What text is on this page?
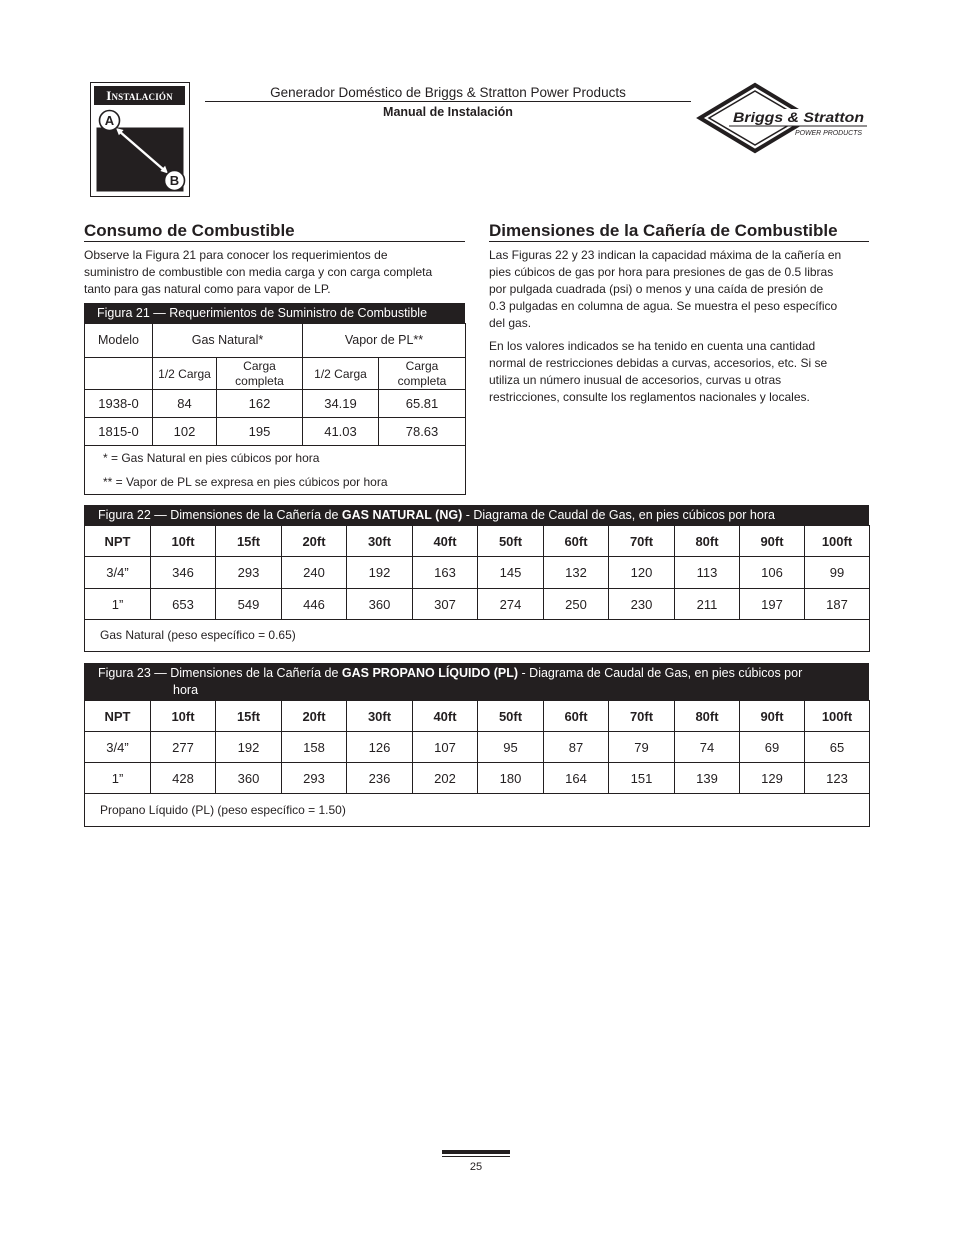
Instalación
A
B
Generador Doméstico de Briggs & Stratton Power Products
Manual de Instalación	Briggs & Stratton
POWER PRODUCTS
Consumo de Combustible
Observe la Figura 21 para conocer los requerimientos de
suministro de combustible con media carga y con carga completa
tanto para gas natural como para vapor de LP.
Figura 21 — Requerimientos de Suministro de Combustible
Modelo	Gas Natural*		Vapor de PL**	
	1/2 Carga	Carga completa	1/2 Carga	Carga completa
1938-0	84	162	34.19	65.81
1815-0	102	195	41.03	78.63

* = Gas Natural en pies cúbicos por hora
** = Vapor de PL se expresa en pies cúbicos por hora				
Dimensiones de la Cañería de Combustible
Las Figuras 22 y 23 indican la capacidad máxima de la cañería en
pies cúbicos de gas por hora para presiones de gas de 0.5 libras
por pulgada cuadrada (psi) o menos y una caída de presión de
0.3 pulgadas en columna de agua. Se muestra el peso específico
del gas.
En los valores indicados se ha tenido en cuenta una cantidad
normal de restricciones debidas a curvas, accesorios, etc. Si se
utiliza un número inusual de accesorios, curvas u otras
restricciones, consulte los reglamentos nacionales y locales.
Figura 22 — Dimensiones de la Cañería de GAS NATURAL (NG) - Diagrama de Caudal de Gas, en pies cúbicos por hora
NPT	10ft	15ft	20ft	30ft	40ft	50ft	60ft	70ft	80ft	90ft	100ft
3/4”	346	293	240	192	163	145	132	120	113	106	99
1”	653	549	446	360	307	274	250	230	211	197	187
Gas Natural (peso específico = 0.65)											
Figura 23 — Dimensiones de la Cañería de GAS PROPANO LÍQUIDO (PL) - Diagrama de Caudal de Gas, en pies cúbicos por
hora
NPT	10ft	15ft	20ft	30ft	40ft	50ft	60ft	70ft	80ft	90ft	100ft
3/4”	277	192	158	126	107	95	87	79	74	69	65
1”	428	360	293	236	202	180	164	151	139	129	123
Propano Líquido (PL) (peso específico = 1.50)											
25
